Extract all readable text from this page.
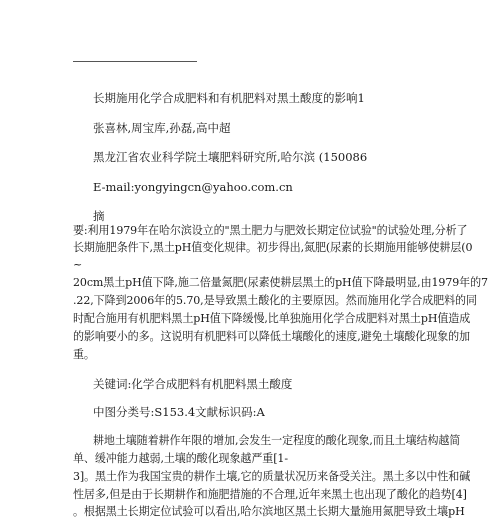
长期施用化学合成肥料和有机肥料对黑土酸度的影响1
张喜林,周宝库,孙磊,高中超
黑龙江省农业科学院土壤肥料研究所,哈尔滨 (150086
E-mail:yongyingcn@yahoo.com.cn
摘
要:利用1979年在哈尔滨设立的"黑土肥力与肥效长期定位试验"的试验处理,分析了
长期施肥条件下,黑土pH值变化规律。初步得出,氮肥(尿素的长期施用能够使耕层(0
~
20cm黑土pH值下降,施二倍量氮肥(尿素使耕层黑土的pH值下降最明显,由1979年的7
.22,下降到2006年的5.70,是导致黑土酸化的主要原因。然而施用化学合成肥料的同
时配合施用有机肥料黑土pH值下降缓慢,比单独施用化学合成肥料对黑土pH值造成
的影响要小的多。这说明有机肥料可以降低土壤酸化的速度,避免土壤酸化现象的加
重。
关键词:化学合成肥料有机肥料黑土酸度
中图分类号:S153.4文献标识码:A
耕地土壤随着耕作年限的增加,会发生一定程度的酸化现象,而且土壤结构越简
单、缓冲能力越弱,土壤的酸化现象越严重[1-
3]。黑土作为我国宝贵的耕作土壤,它的质量状况历来备受关注。黑土多以中性和碱
性居多,但是由于长期耕作和施肥措施的不合理,近年来黑土也出现了酸化的趋势[4]
。根据黑土长期定位试验可以看出,哈尔滨地区黑土长期大量施用氮肥导致土壤pH
